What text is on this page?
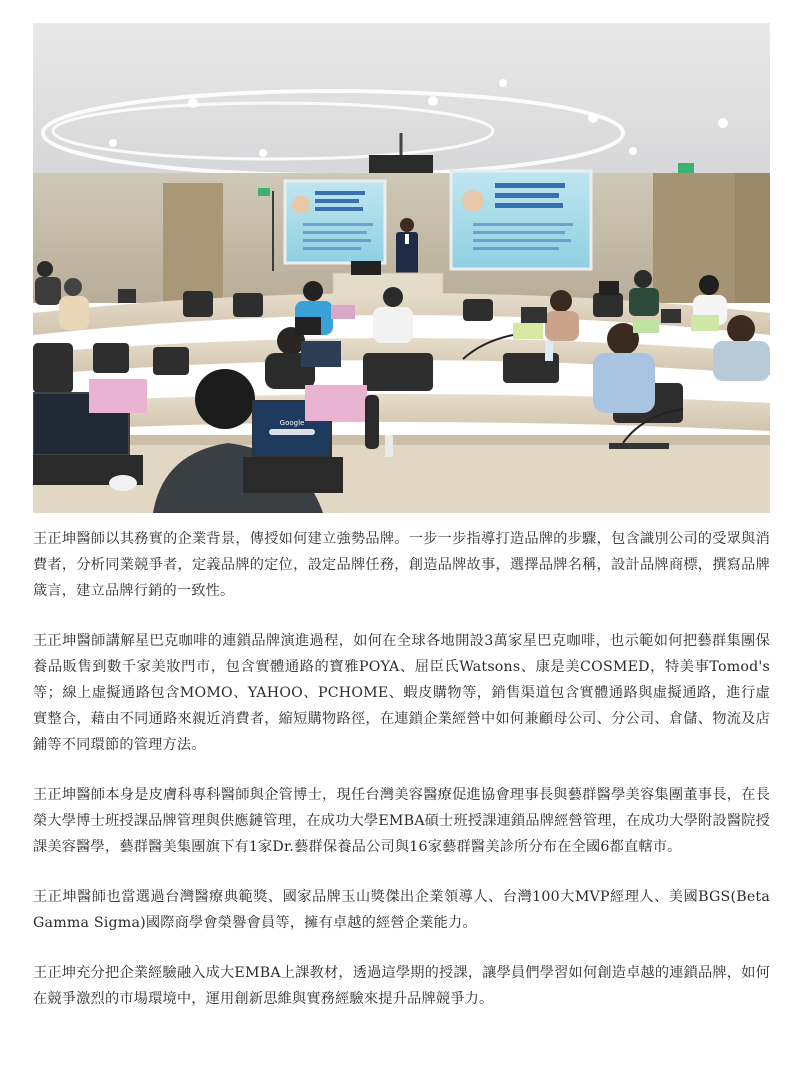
Google

王正坤醫師以其務實的企業背景，傳授如何建立強勢品牌。一步一步指導打造品牌的步驟，包含識別公司的受眾與消費者，分析同業競爭者，定義品牌的定位，設定品牌任務，創造品牌故事，選擇品牌名稱，設計品牌商標，撰寫品牌箴言，建立品牌行銷的一致性。

王正坤醫師講解星巴克咖啡的連鎖品牌演進過程，如何在全球各地開設3萬家星巴克咖啡，也示範如何把藝群集團保養品販售到數千家美妝門市，包含實體通路的寶雅POYA、屈臣氏Watsons、康是美COSMED，特美事Tomod's等；線上虛擬通路包含MOMO、YAHOO、PCHOME、蝦皮購物等，銷售渠道包含實體通路與虛擬通路，進行虛實整合，藉由不同通路來親近消費者，縮短購物路徑，在連鎖企業經營中如何兼顧母公司、分公司、倉儲、物流及店鋪等不同環節的管理方法。

王正坤醫師本身是皮膚科專科醫師與企管博士，現任台灣美容醫療促進協會理事長與藝群醫學美容集團董事長，在長榮大學博士班授課品牌管理與供應鏈管理，在成功大學EMBA碩士班授課連鎖品牌經營管理，在成功大學附設醫院授課美容醫學，藝群醫美集團旗下有1家Dr.藝群保養品公司與16家藝群醫美診所分布在全國6都直轄市。

王正坤醫師也當選過台灣醫療典範獎、國家品牌玉山獎傑出企業領導人、台灣100大MVP經理人、美國BGS(Beta Gamma Sigma)國際商學會榮譽會員等，擁有卓越的經營企業能力。

王正坤充分把企業經驗融入成大EMBA上課教材，透過這學期的授課，讓學員們學習如何創造卓越的連鎖品牌，如何在競爭激烈的市場環境中，運用創新思維與實務經驗來提升品牌競爭力。
